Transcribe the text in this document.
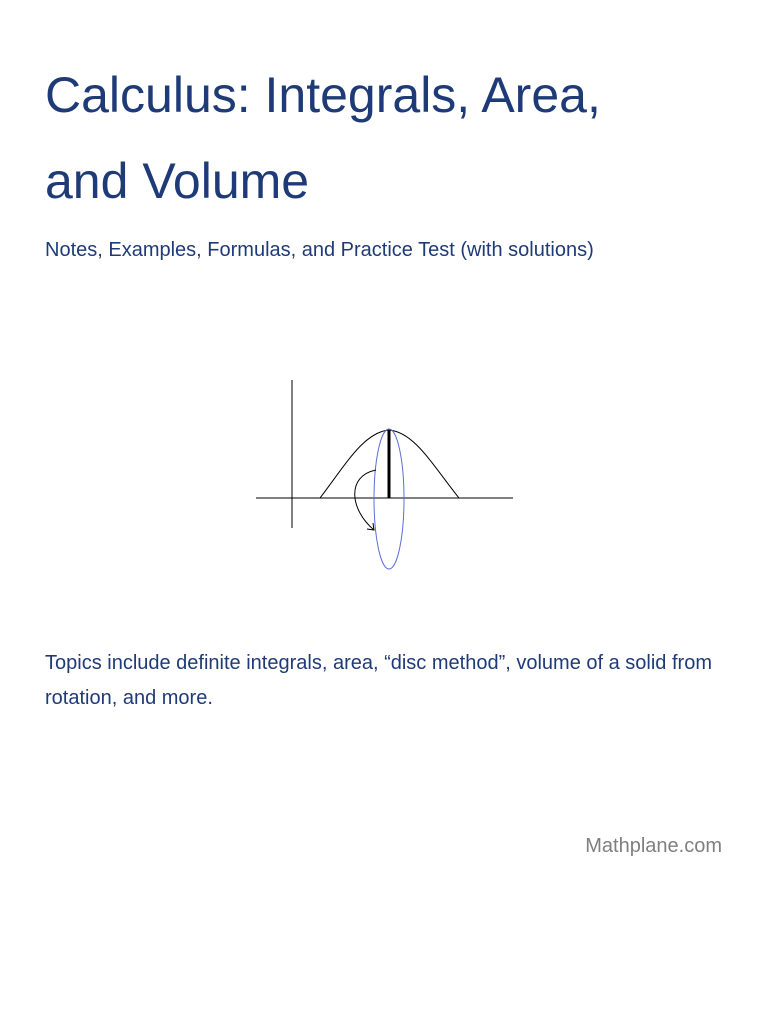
Calculus: Integrals, Area,
and Volume

Notes, Examples, Formulas, and Practice Test (with solutions)

Topics include definite integrals, area, “disc method”, volume of a solid from rotation, and more.

Mathplane.com
